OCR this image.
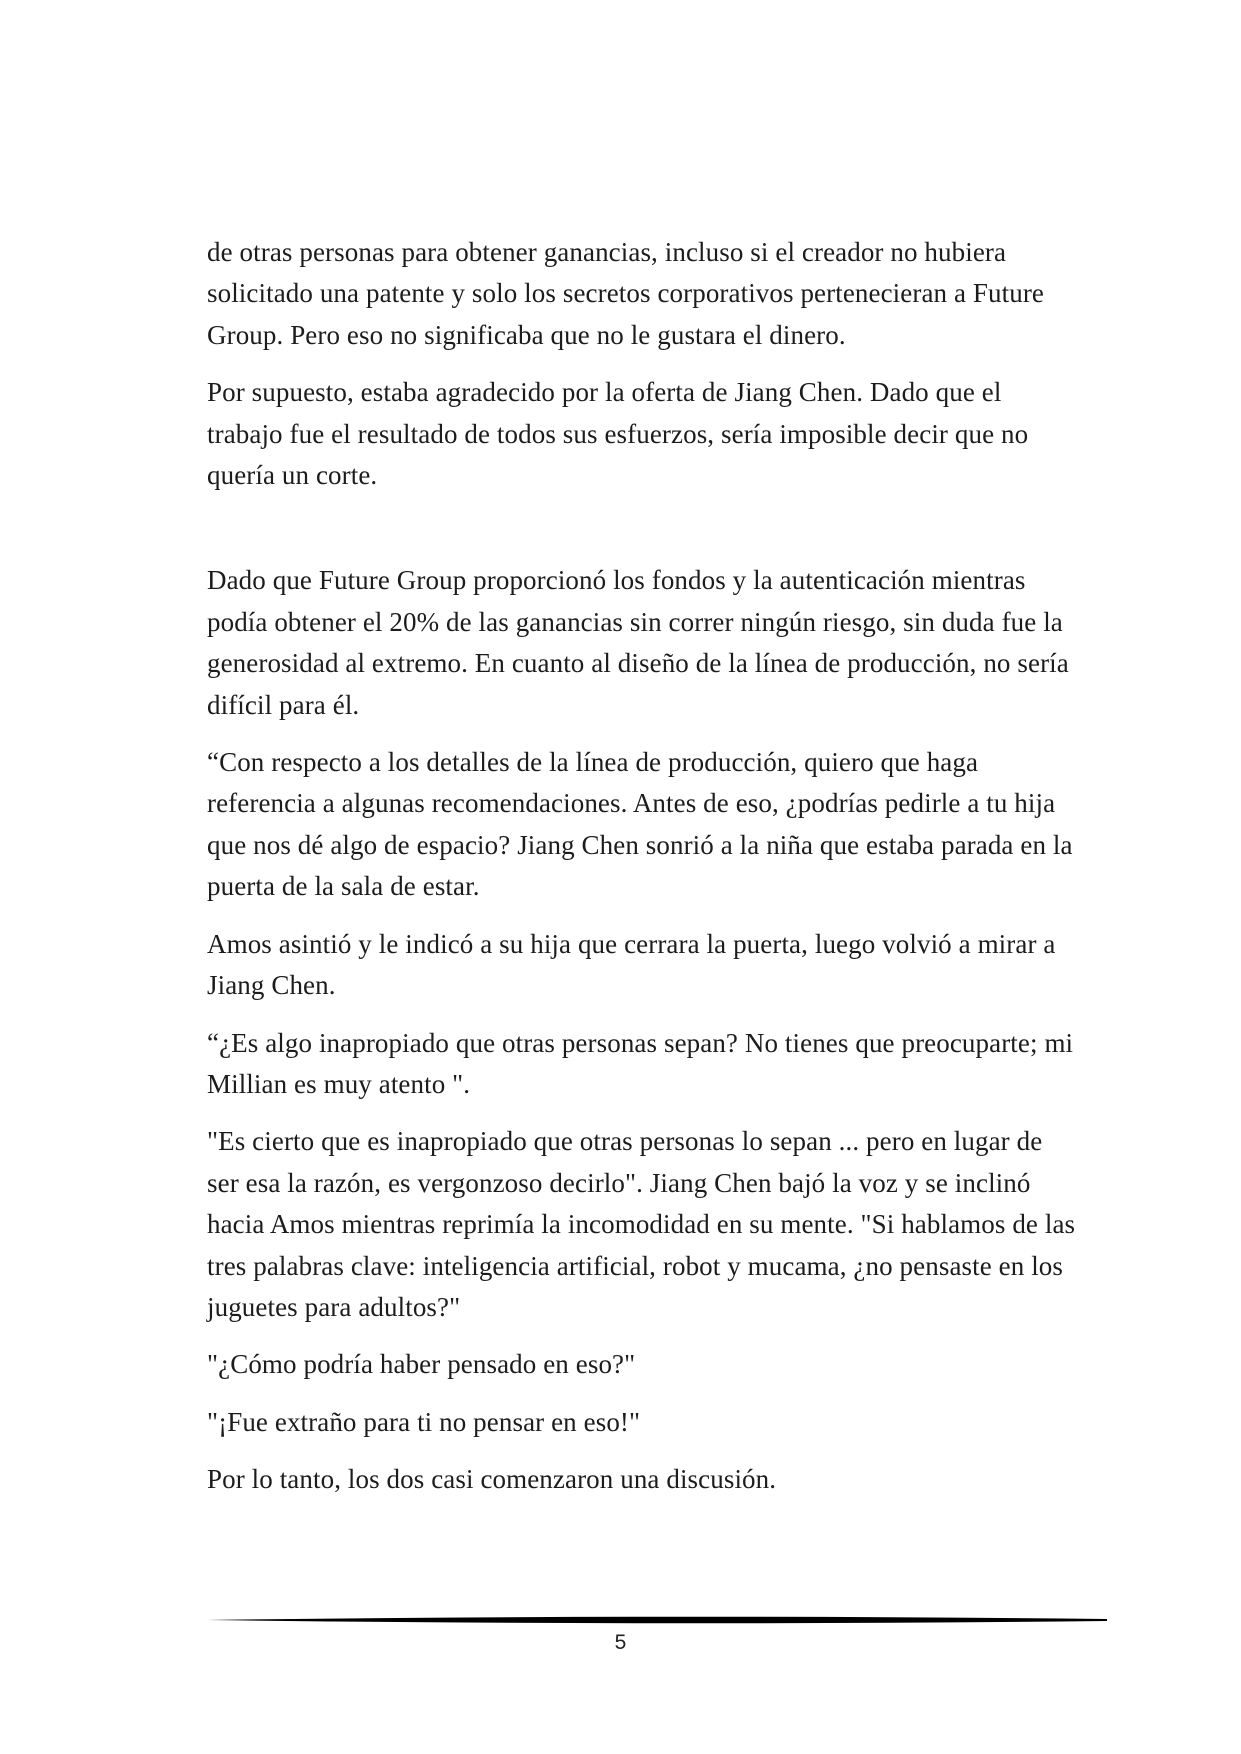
de otras personas para obtener ganancias, incluso si el creador no hubiera solicitado una patente y solo los secretos corporativos pertenecieran a Future Group. Pero eso no significaba que no le gustara el dinero.

Por supuesto, estaba agradecido por la oferta de Jiang Chen. Dado que el trabajo fue el resultado de todos sus esfuerzos, sería imposible decir que no quería un corte.

Dado que Future Group proporcionó los fondos y la autenticación mientras podía obtener el 20% de las ganancias sin correr ningún riesgo, sin duda fue la generosidad al extremo. En cuanto al diseño de la línea de producción, no sería difícil para él.

“Con respecto a los detalles de la línea de producción, quiero que haga referencia a algunas recomendaciones. Antes de eso, ¿podrías pedirle a tu hija que nos dé algo de espacio? Jiang Chen sonrió a la niña que estaba parada en la puerta de la sala de estar.

Amos asintió y le indicó a su hija que cerrara la puerta, luego volvió a mirar a Jiang Chen.

“¿Es algo inapropiado que otras personas sepan? No tienes que preocuparte; mi Millian es muy atento ".

"Es cierto que es inapropiado que otras personas lo sepan ... pero en lugar de ser esa la razón, es vergonzoso decirlo". Jiang Chen bajó la voz y se inclinó hacia Amos mientras reprimía la incomodidad en su mente. "Si hablamos de las tres palabras clave: inteligencia artificial, robot y mucama, ¿no pensaste en los juguetes para adultos?"

"¿Cómo podría haber pensado en eso?"

"¡Fue extraño para ti no pensar en eso!"

Por lo tanto, los dos casi comenzaron una discusión.

5
